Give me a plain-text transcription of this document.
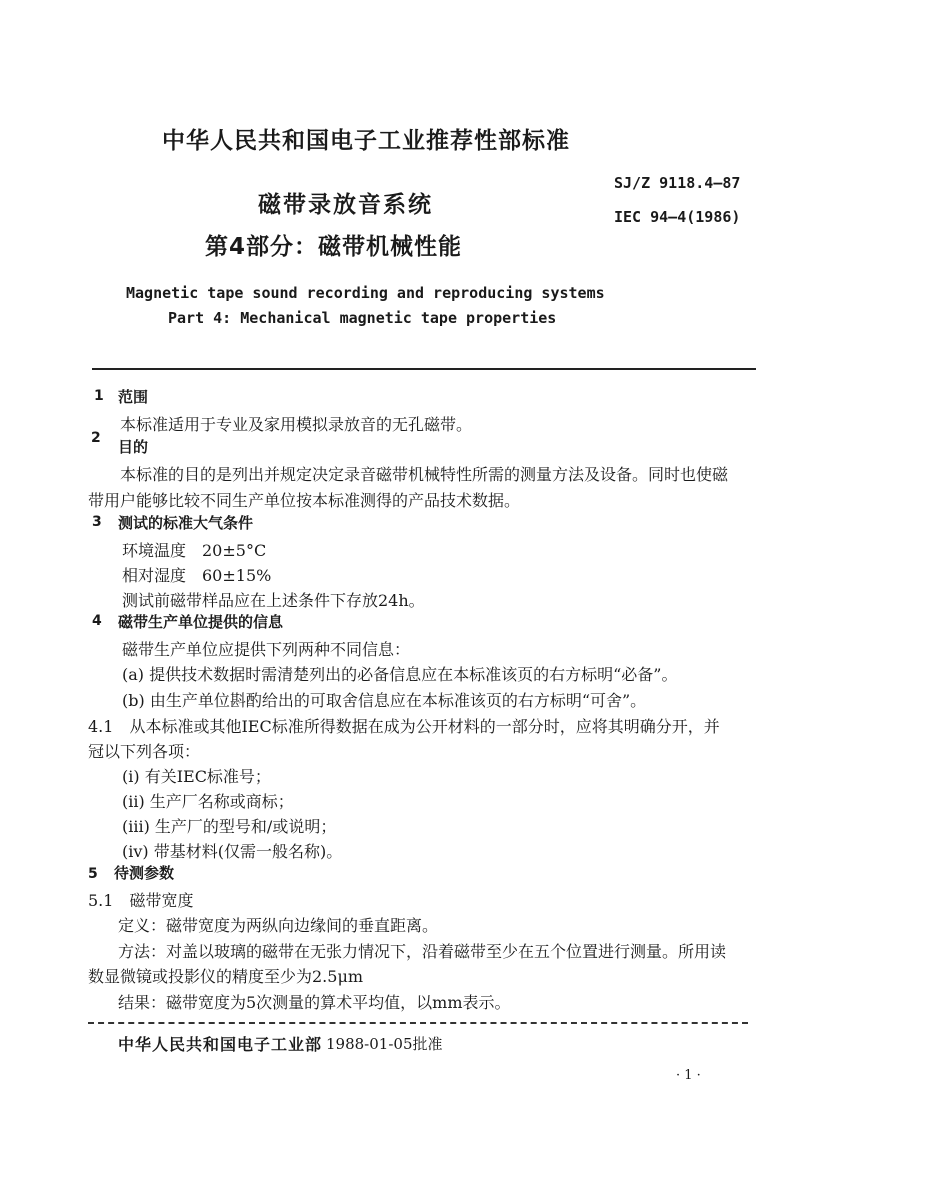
中华人民共和国电子工业推荐性部标准
磁带录放音系统
第4部分：磁带机械性能
SJ/Z 9118.4—87
IEC 94—4(1986)
Magnetic tape sound recording and reproducing systems
Part 4: Mechanical magnetic tape properties
1 范围
本标准适用于专业及家用模拟录放音的无孔磁带。
2 目的
本标准的目的是列出并规定决定录音磁带机械特性所需的测量方法及设备。同时也使磁
带用户能够比较不同生产单位按本标准测得的产品技术数据。
3 测试的标准大气条件
环境温度　20±5°C
相对湿度　60±15%
测试前磁带样品应在上述条件下存放24h。
4 磁带生产单位提供的信息
磁带生产单位应提供下列两种不同信息：
(a) 提供技术数据时需清楚列出的必备信息应在本标准该页的右方标明“必备”。
(b) 由生产单位斟酌给出的可取舍信息应在本标准该页的右方标明“可舍”。
4.1　从本标准或其他IEC标准所得数据在成为公开材料的一部分时，应将其明确分开，并
冠以下列各项：
(i) 有关IEC标准号；
(ii) 生产厂名称或商标；
(iii) 生产厂的型号和/或说明；
(iv) 带基材料(仅需一般名称)。
5 待测参数
5.1　磁带宽度
定义：磁带宽度为两纵向边缘间的垂直距离。
方法：对盖以玻璃的磁带在无张力情况下，沿着磁带至少在五个位置进行测量。所用读
数显微镜或投影仪的精度至少为2.5μm
结果：磁带宽度为5次测量的算术平均值，以mm表示。
中华人民共和国电子工业部 1988-01-05批准
· 1 ·
